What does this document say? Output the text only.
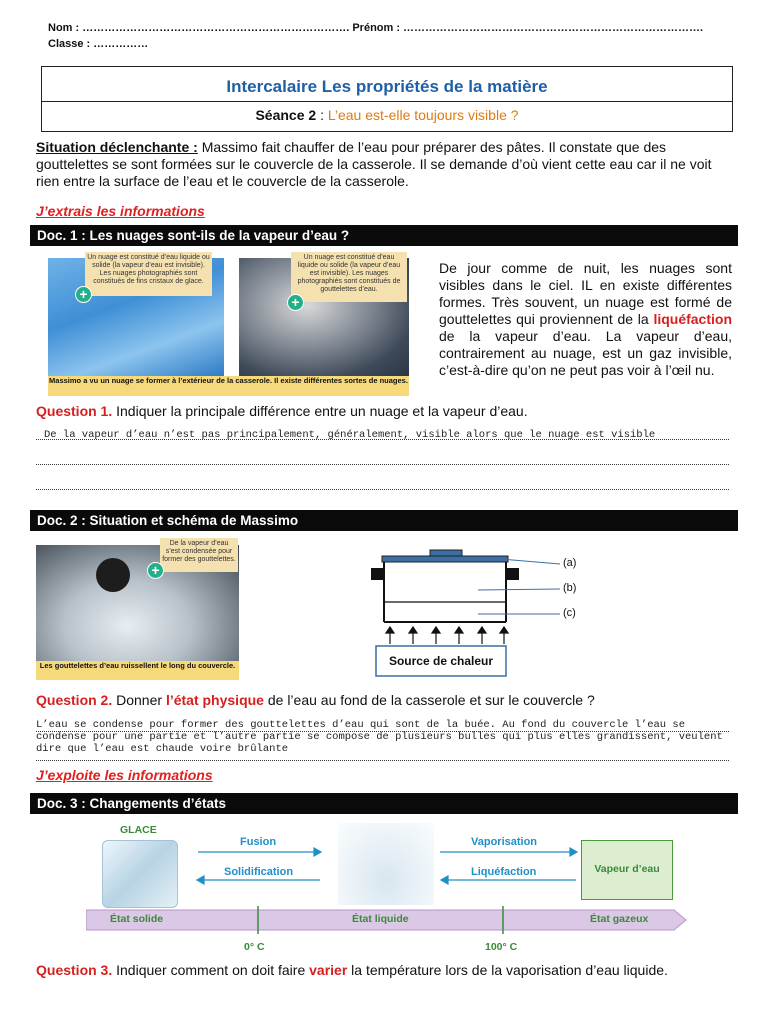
Nom : ………………………………………………………………. Prénom : ………………………………………………………………………. Classe : ……………
Intercalaire Les propriétés de la matière
Séance 2 : L’eau est-elle toujours visible ?
Situation déclenchante : Massimo fait chauffer de l’eau pour préparer des pâtes. Il constate que des gouttelettes se sont formées sur le couvercle de la casserole. Il se demande d’où vient cette eau car il ne voit rien entre la surface de l’eau et le couvercle de la casserole.
J’extrais les informations
Doc. 1 : Les nuages sont-ils de la vapeur d’eau ?
Un nuage est constitué d’eau liquide ou solide (la vapeur d’eau est invisible). Les nuages photographiés sont constitués de fins cristaux de glace.
Un nuage est constitué d’eau liquide ou solide (la vapeur d’eau est invisible). Les nuages photographiés sont constitués de gouttelettes d’eau.
+	+
Massimo a vu un nuage se former à l’extérieur de la casserole. Il existe différentes sortes de nuages.
De jour comme de nuit, les nuages sont visibles dans le ciel. IL en existe différentes formes. Très souvent, un nuage est formé de gouttelettes qui proviennent de la liquéfaction de la vapeur d’eau. La vapeur d’eau, contrairement au nuage, est un gaz invisible, c’est-à-dire qu’on ne peut pas voir à l’œil nu.
Question 1. Indiquer la principale différence entre un nuage et la vapeur d’eau.
De la vapeur d’eau n’est pas principalement, généralement, visible alors que le nuage est visible
Doc. 2 : Situation et schéma de Massimo
De la vapeur d’eau s’est condensée pour former des gouttelettes.
+
Les gouttelettes d’eau ruissellent le long du couvercle.
(a)
(b)
(c)
Source de chaleur
Question 2. Donner l’état physique de l’eau au fond de la casserole et sur le couvercle ?
L’eau se condense pour former des gouttelettes d’eau qui sont de la buée. Au fond du couvercle l’eau se condense pour une partie et l’autre partie se compose de plusieurs bulles qui plus elles grandissent, veulent dire que l’eau est chaude voire brûlante
J’exploite les informations
Doc. 3 : Changements d’états
GLACE
Fusion
Solidification
Vaporisation
Liquéfaction	Vapeur d’eau
État solide	État liquide	État gazeux
0° C	100° C
Question 3. Indiquer comment on doit faire varier la température lors de la vaporisation d’eau liquide.
